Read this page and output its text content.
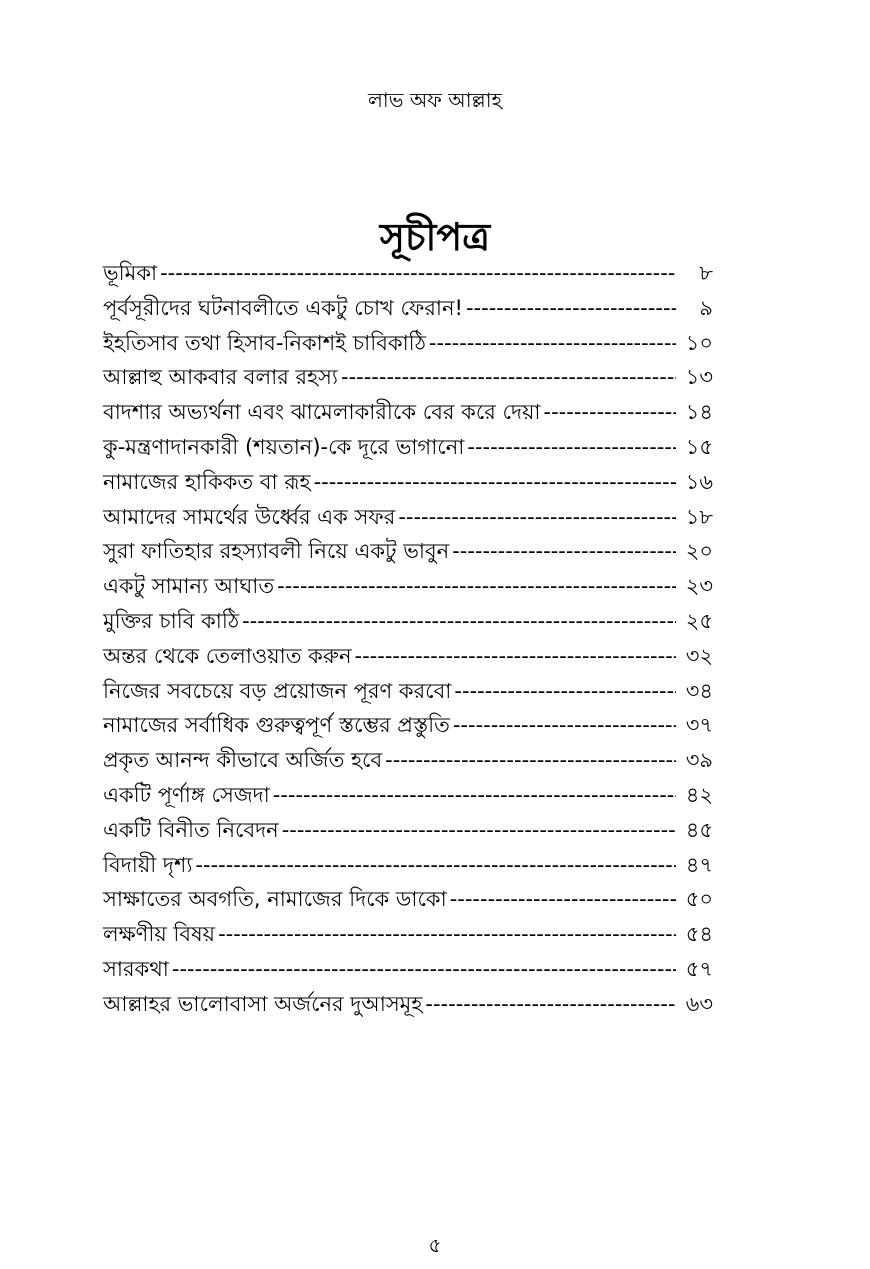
লাভ অফ আল্লাহ
সূচীপত্র
ভূমিকা -----	৮
পূর্বসূরীদের ঘটনাবলীতে একটু চোখ ফেরান! -----	৯
ইহতিসাব তথা হিসাব-নিকাশই চাবিকাঠি -----	১০
আল্লাহু আকবার বলার রহস্য -----	১৩
বাদশার অভ্যর্থনা এবং ঝামেলাকারীকে বের করে দেয়া -----	১৪
কু-মন্ত্রণাদানকারী (শয়তান)-কে দূরে ভাগানো -----	১৫
নামাজের হাকিকত বা রূহ -----	১৬
আমাদের সামর্থের উর্ধ্বের এক সফর -----	১৮
সুরা ফাতিহার রহস্যাবলী নিয়ে একটু ভাবুন -----	২০
একটু সামান্য আঘাত -----	২৩
মুক্তির চাবি কাঠি -----	২৫
অন্তর থেকে তেলাওয়াত করুন -----	৩২
নিজের সবচেয়ে বড় প্রয়োজন পূরণ করবো -----	৩৪
নামাজের সর্বাধিক গুরুত্বপূর্ণ স্তম্ভের প্রস্তুতি -----	৩৭
প্রকৃত আনন্দ কীভাবে অর্জিত হবে -----	৩৯
একটি পূর্ণাঙ্গ সেজদা -----	৪২
একটি বিনীত নিবেদন -----	৪৫
বিদায়ী দৃশ্য -----	৪৭
সাক্ষাতের অবগতি, নামাজের দিকে ডাকো -----	৫০
লক্ষণীয় বিষয় -----	৫৪
সারকথা -----	৫৭
আল্লাহর ভালোবাসা অর্জনের দুআসমূহ -----	৬৩
৫
